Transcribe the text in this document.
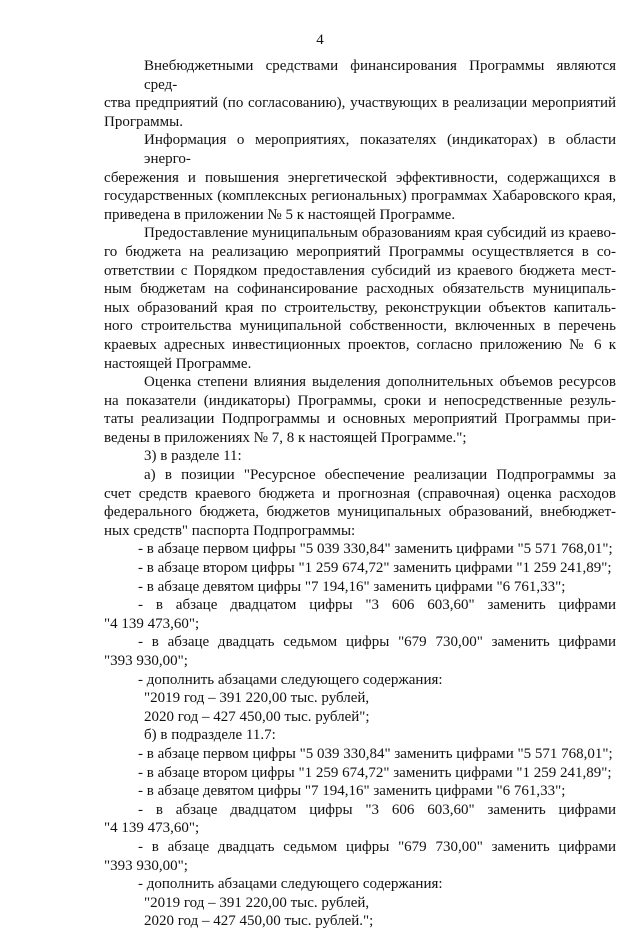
4
Внебюджетными средствами финансирования Программы являются сред-
ства предприятий (по согласованию), участвующих в реализации мероприятий
Программы.
Информация о мероприятиях, показателях (индикаторах) в области энерго-
сбережения и повышения энергетической эффективности, содержащихся в
государственных (комплексных региональных) программах Хабаровского края,
приведена в приложении № 5 к настоящей Программе.
Предоставление муниципальным образованиям края субсидий из краево-
го бюджета на реализацию мероприятий Программы осуществляется в со-
ответствии с Порядком предоставления субсидий из краевого бюджета мест-
ным бюджетам на софинансирование расходных обязательств муниципаль-
ных образований края по строительству, реконструкции объектов капиталь-
ного строительства муниципальной собственности, включенных в перечень
краевых адресных инвестиционных проектов, согласно приложению № 6 к
настоящей Программе.
Оценка степени влияния выделения дополнительных объемов ресурсов
на показатели (индикаторы) Программы, сроки и непосредственные резуль-
таты реализации Подпрограммы и основных мероприятий Программы при-
ведены в приложениях № 7, 8 к настоящей Программе.";
3) в разделе 11:
а) в позиции "Ресурсное обеспечение реализации Подпрограммы за
счет средств краевого бюджета и прогнозная (справочная) оценка расходов
федерального бюджета, бюджетов муниципальных образований, внебюджет-
ных средств" паспорта Подпрограммы:
- в абзаце первом цифры "5 039 330,84" заменить цифрами "5 571 768,01";
- в абзаце втором цифры "1 259 674,72" заменить цифрами "1 259 241,89";
- в абзаце девятом цифры "7 194,16" заменить цифрами "6 761,33";
- в абзаце двадцатом цифры "3 606 603,60" заменить цифрами
"4 139 473,60";
- в абзаце двадцать седьмом цифры "679 730,00" заменить цифрами
"393 930,00";
- дополнить абзацами следующего содержания:
"2019 год – 391 220,00 тыс. рублей,
2020 год – 427 450,00 тыс. рублей";
б) в подразделе 11.7:
- в абзаце первом цифры "5 039 330,84" заменить цифрами "5 571 768,01";
- в абзаце втором цифры "1 259 674,72" заменить цифрами "1 259 241,89";
- в абзаце девятом цифры "7 194,16" заменить цифрами "6 761,33";
- в абзаце двадцатом цифры "3 606 603,60" заменить цифрами
"4 139 473,60";
- в абзаце двадцать седьмом цифры "679 730,00" заменить цифрами
"393 930,00";
- дополнить абзацами следующего содержания:
"2019 год – 391 220,00 тыс. рублей,
2020 год – 427 450,00 тыс. рублей.";
